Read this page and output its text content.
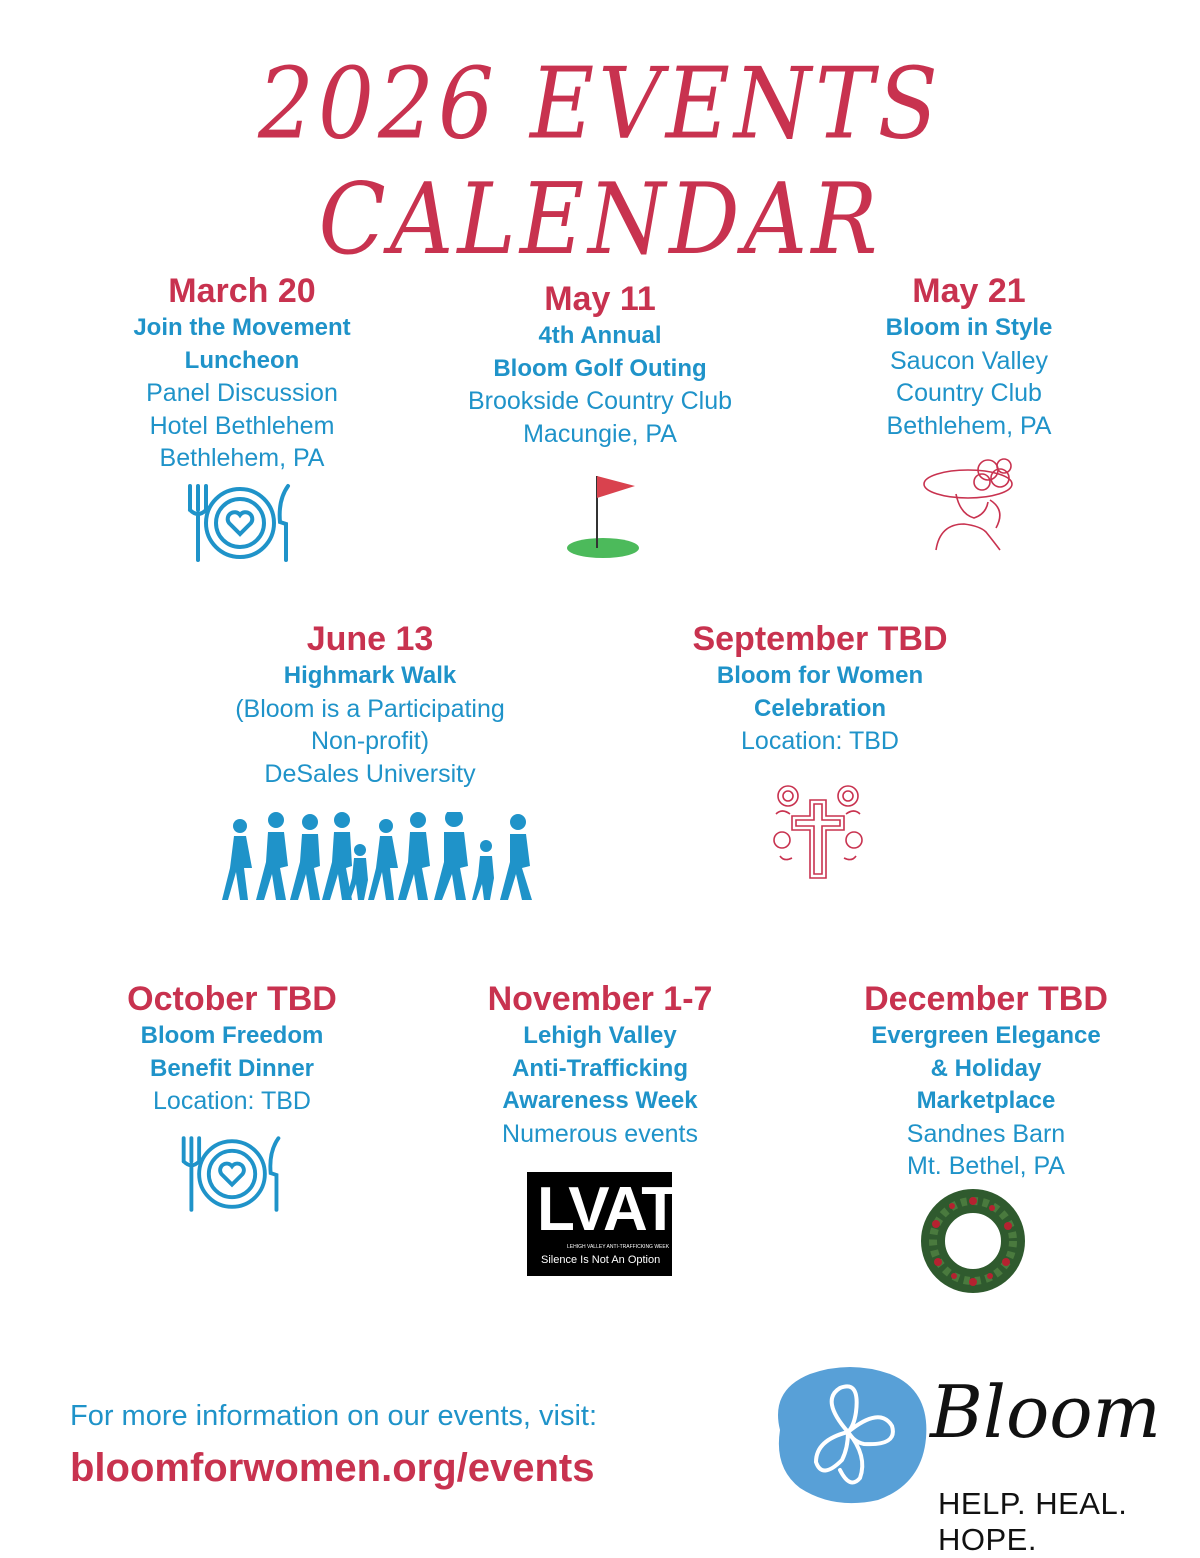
2026 EVENTS CALENDAR
March 20
Join the Movement
Luncheon
Panel Discussion
Hotel Bethlehem
Bethlehem, PA
May 11
4th Annual
Bloom Golf Outing
Brookside Country Club
Macungie, PA
May 21
Bloom in Style
Saucon Valley
Country Club
Bethlehem, PA
June 13
Highmark Walk
(Bloom is a Participating
Non-profit)
DeSales University
September TBD
Bloom for Women
Celebration
Location: TBD
October TBD
Bloom Freedom
Benefit Dinner
Location: TBD
November 1-7
Lehigh Valley
Anti-Trafficking
Awareness Week
Numerous events
December TBD
Evergreen Elegance
& Holiday
Marketplace
Sandnes Barn
Mt. Bethel, PA
LVAT
LEHIGH VALLEY ANTI-TRAFFICKING WEEK
Silence Is Not An Option
For more information on our events, visit:
bloomforwomen.org/events
Bloom
HELP. HEAL. HOPE.
